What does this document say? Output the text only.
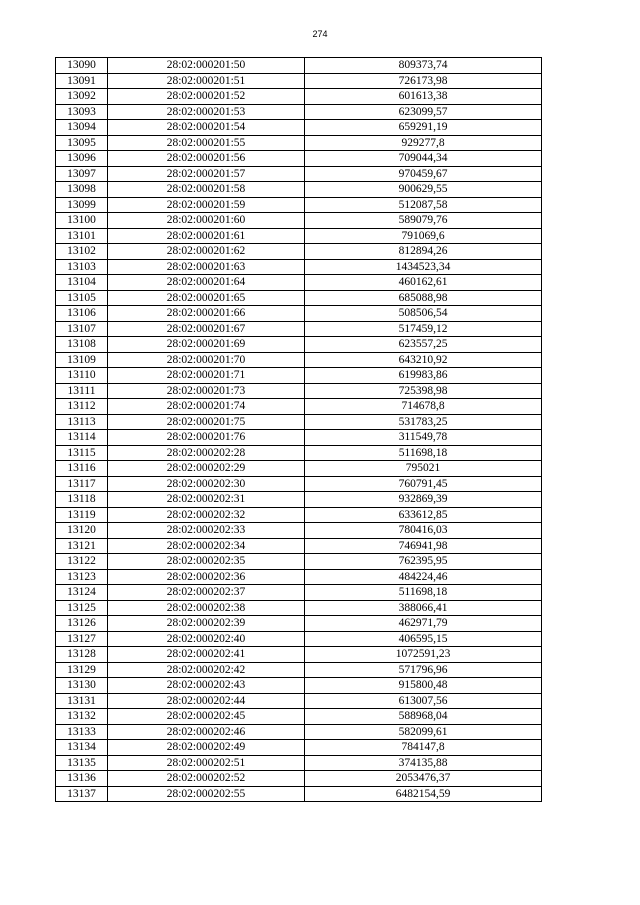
274
13090	28:02:000201:50	809373,74
13091	28:02:000201:51	726173,98
13092	28:02:000201:52	601613,38
13093	28:02:000201:53	623099,57
13094	28:02:000201:54	659291,19
13095	28:02:000201:55	929277,8
13096	28:02:000201:56	709044,34
13097	28:02:000201:57	970459,67
13098	28:02:000201:58	900629,55
13099	28:02:000201:59	512087,58
13100	28:02:000201:60	589079,76
13101	28:02:000201:61	791069,6
13102	28:02:000201:62	812894,26
13103	28:02:000201:63	1434523,34
13104	28:02:000201:64	460162,61
13105	28:02:000201:65	685088,98
13106	28:02:000201:66	508506,54
13107	28:02:000201:67	517459,12
13108	28:02:000201:69	623557,25
13109	28:02:000201:70	643210,92
13110	28:02:000201:71	619983,86
13111	28:02:000201:73	725398,98
13112	28:02:000201:74	714678,8
13113	28:02:000201:75	531783,25
13114	28:02:000201:76	311549,78
13115	28:02:000202:28	511698,18
13116	28:02:000202:29	795021
13117	28:02:000202:30	760791,45
13118	28:02:000202:31	932869,39
13119	28:02:000202:32	633612,85
13120	28:02:000202:33	780416,03
13121	28:02:000202:34	746941,98
13122	28:02:000202:35	762395,95
13123	28:02:000202:36	484224,46
13124	28:02:000202:37	511698,18
13125	28:02:000202:38	388066,41
13126	28:02:000202:39	462971,79
13127	28:02:000202:40	406595,15
13128	28:02:000202:41	1072591,23
13129	28:02:000202:42	571796,96
13130	28:02:000202:43	915800,48
13131	28:02:000202:44	613007,56
13132	28:02:000202:45	588968,04
13133	28:02:000202:46	582099,61
13134	28:02:000202:49	784147,8
13135	28:02:000202:51	374135,88
13136	28:02:000202:52	2053476,37
13137	28:02:000202:55	6482154,59
